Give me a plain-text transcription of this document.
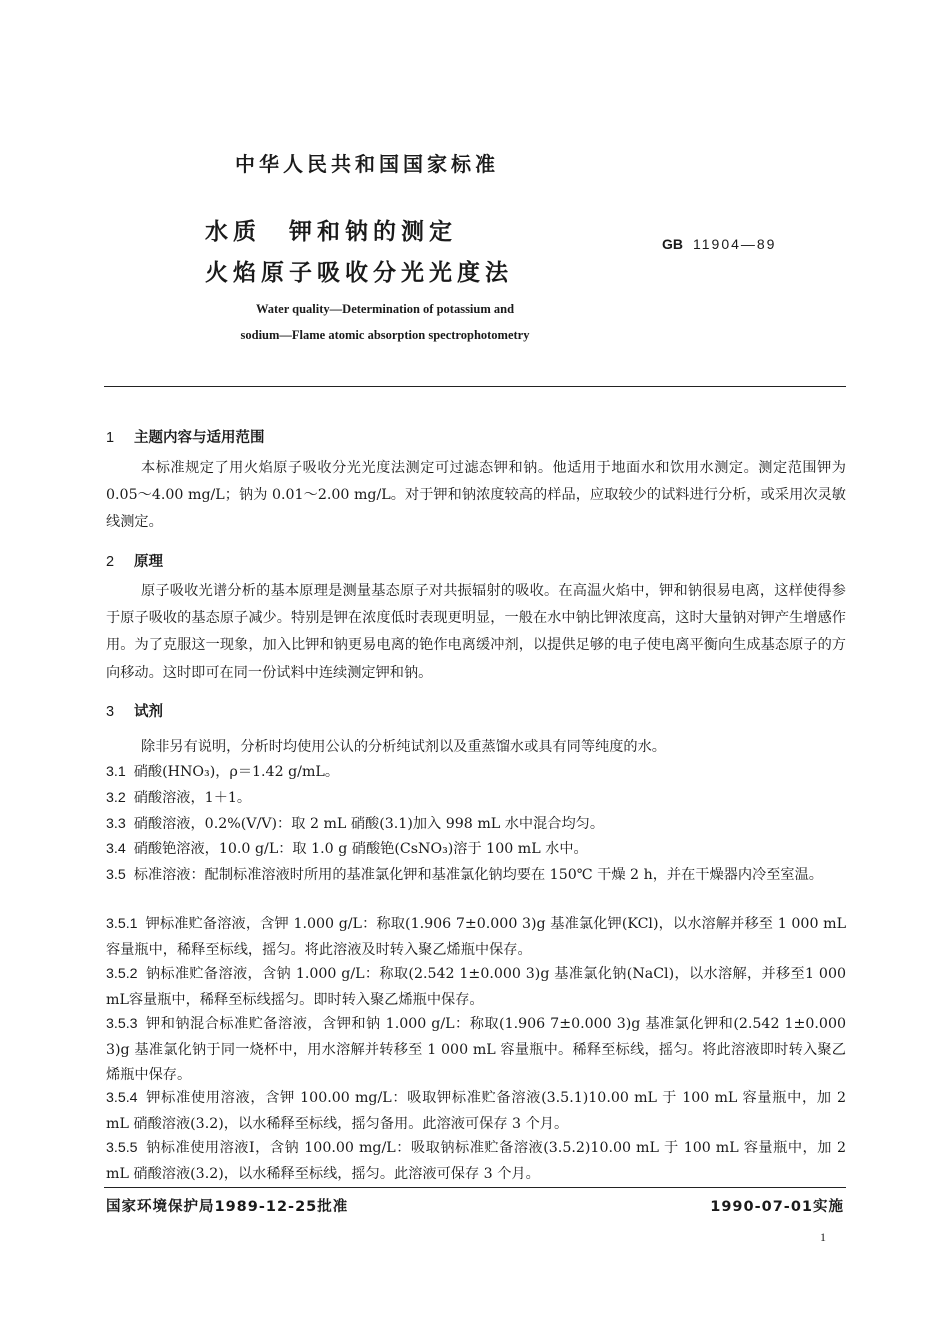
中华人民共和国国家标准
水质　钾和钠的测定
火焰原子吸收分光光度法
GB 11904—89
Water quality—Determination of potassium and
sodium—Flame atomic absorption spectrophotometry
1 主题内容与适用范围
本标准规定了用火焰原子吸收分光光度法测定可过滤态钾和钠。他适用于地面水和饮用水测定。测定范围钾为 0.05～4.00 mg/L；钠为 0.01～2.00 mg/L。对于钾和钠浓度较高的样品，应取较少的试料进行分析，或采用次灵敏线测定。
2 原理
原子吸收光谱分析的基本原理是测量基态原子对共振辐射的吸收。在高温火焰中，钾和钠很易电离，这样使得参于原子吸收的基态原子减少。特别是钾在浓度低时表现更明显，一般在水中钠比钾浓度高，这时大量钠对钾产生增感作用。为了克服这一现象，加入比钾和钠更易电离的铯作电离缓冲剂，以提供足够的电子使电离平衡向生成基态原子的方向移动。这时即可在同一份试料中连续测定钾和钠。
3 试剂
除非另有说明，分析时均使用公认的分析纯试剂以及重蒸馏水或具有同等纯度的水。
3.1 硝酸(HNO₃)，ρ＝1.42 g/mL。
3.2 硝酸溶液，1＋1。
3.3 硝酸溶液，0.2%(V/V)：取 2 mL 硝酸(3.1)加入 998 mL 水中混合均匀。
3.4 硝酸铯溶液，10.0 g/L：取 1.0 g 硝酸铯(CsNO₃)溶于 100 mL 水中。
3.5 标准溶液：配制标准溶液时所用的基准氯化钾和基准氯化钠均要在 150℃ 干燥 2 h，并在干燥器内冷至室温。
3.5.1 钾标准贮备溶液，含钾 1.000 g/L：称取(1.906 7±0.000 3)g 基准氯化钾(KCl)，以水溶解并移至 1 000 mL 容量瓶中，稀释至标线，摇匀。将此溶液及时转入聚乙烯瓶中保存。
3.5.2 钠标准贮备溶液，含钠 1.000 g/L：称取(2.542 1±0.000 3)g 基准氯化钠(NaCl)，以水溶解，并移至1 000 mL容量瓶中，稀释至标线摇匀。即时转入聚乙烯瓶中保存。
3.5.3 钾和钠混合标准贮备溶液，含钾和钠 1.000 g/L：称取(1.906 7±0.000 3)g 基准氯化钾和(2.542 1±0.000 3)g 基准氯化钠于同一烧杯中，用水溶解并转移至 1 000 mL 容量瓶中。稀释至标线，摇匀。将此溶液即时转入聚乙烯瓶中保存。
3.5.4 钾标准使用溶液，含钾 100.00 mg/L：吸取钾标准贮备溶液(3.5.1)10.00 mL 于 100 mL 容量瓶中，加 2 mL 硝酸溶液(3.2)，以水稀释至标线，摇匀备用。此溶液可保存 3 个月。
3.5.5 钠标准使用溶液Ⅰ，含钠 100.00 mg/L：吸取钠标准贮备溶液(3.5.2)10.00 mL 于 100 mL 容量瓶中，加 2 mL 硝酸溶液(3.2)，以水稀释至标线，摇匀。此溶液可保存 3 个月。
国家环境保护局1989-12-25批准	1990-07-01实施
1
